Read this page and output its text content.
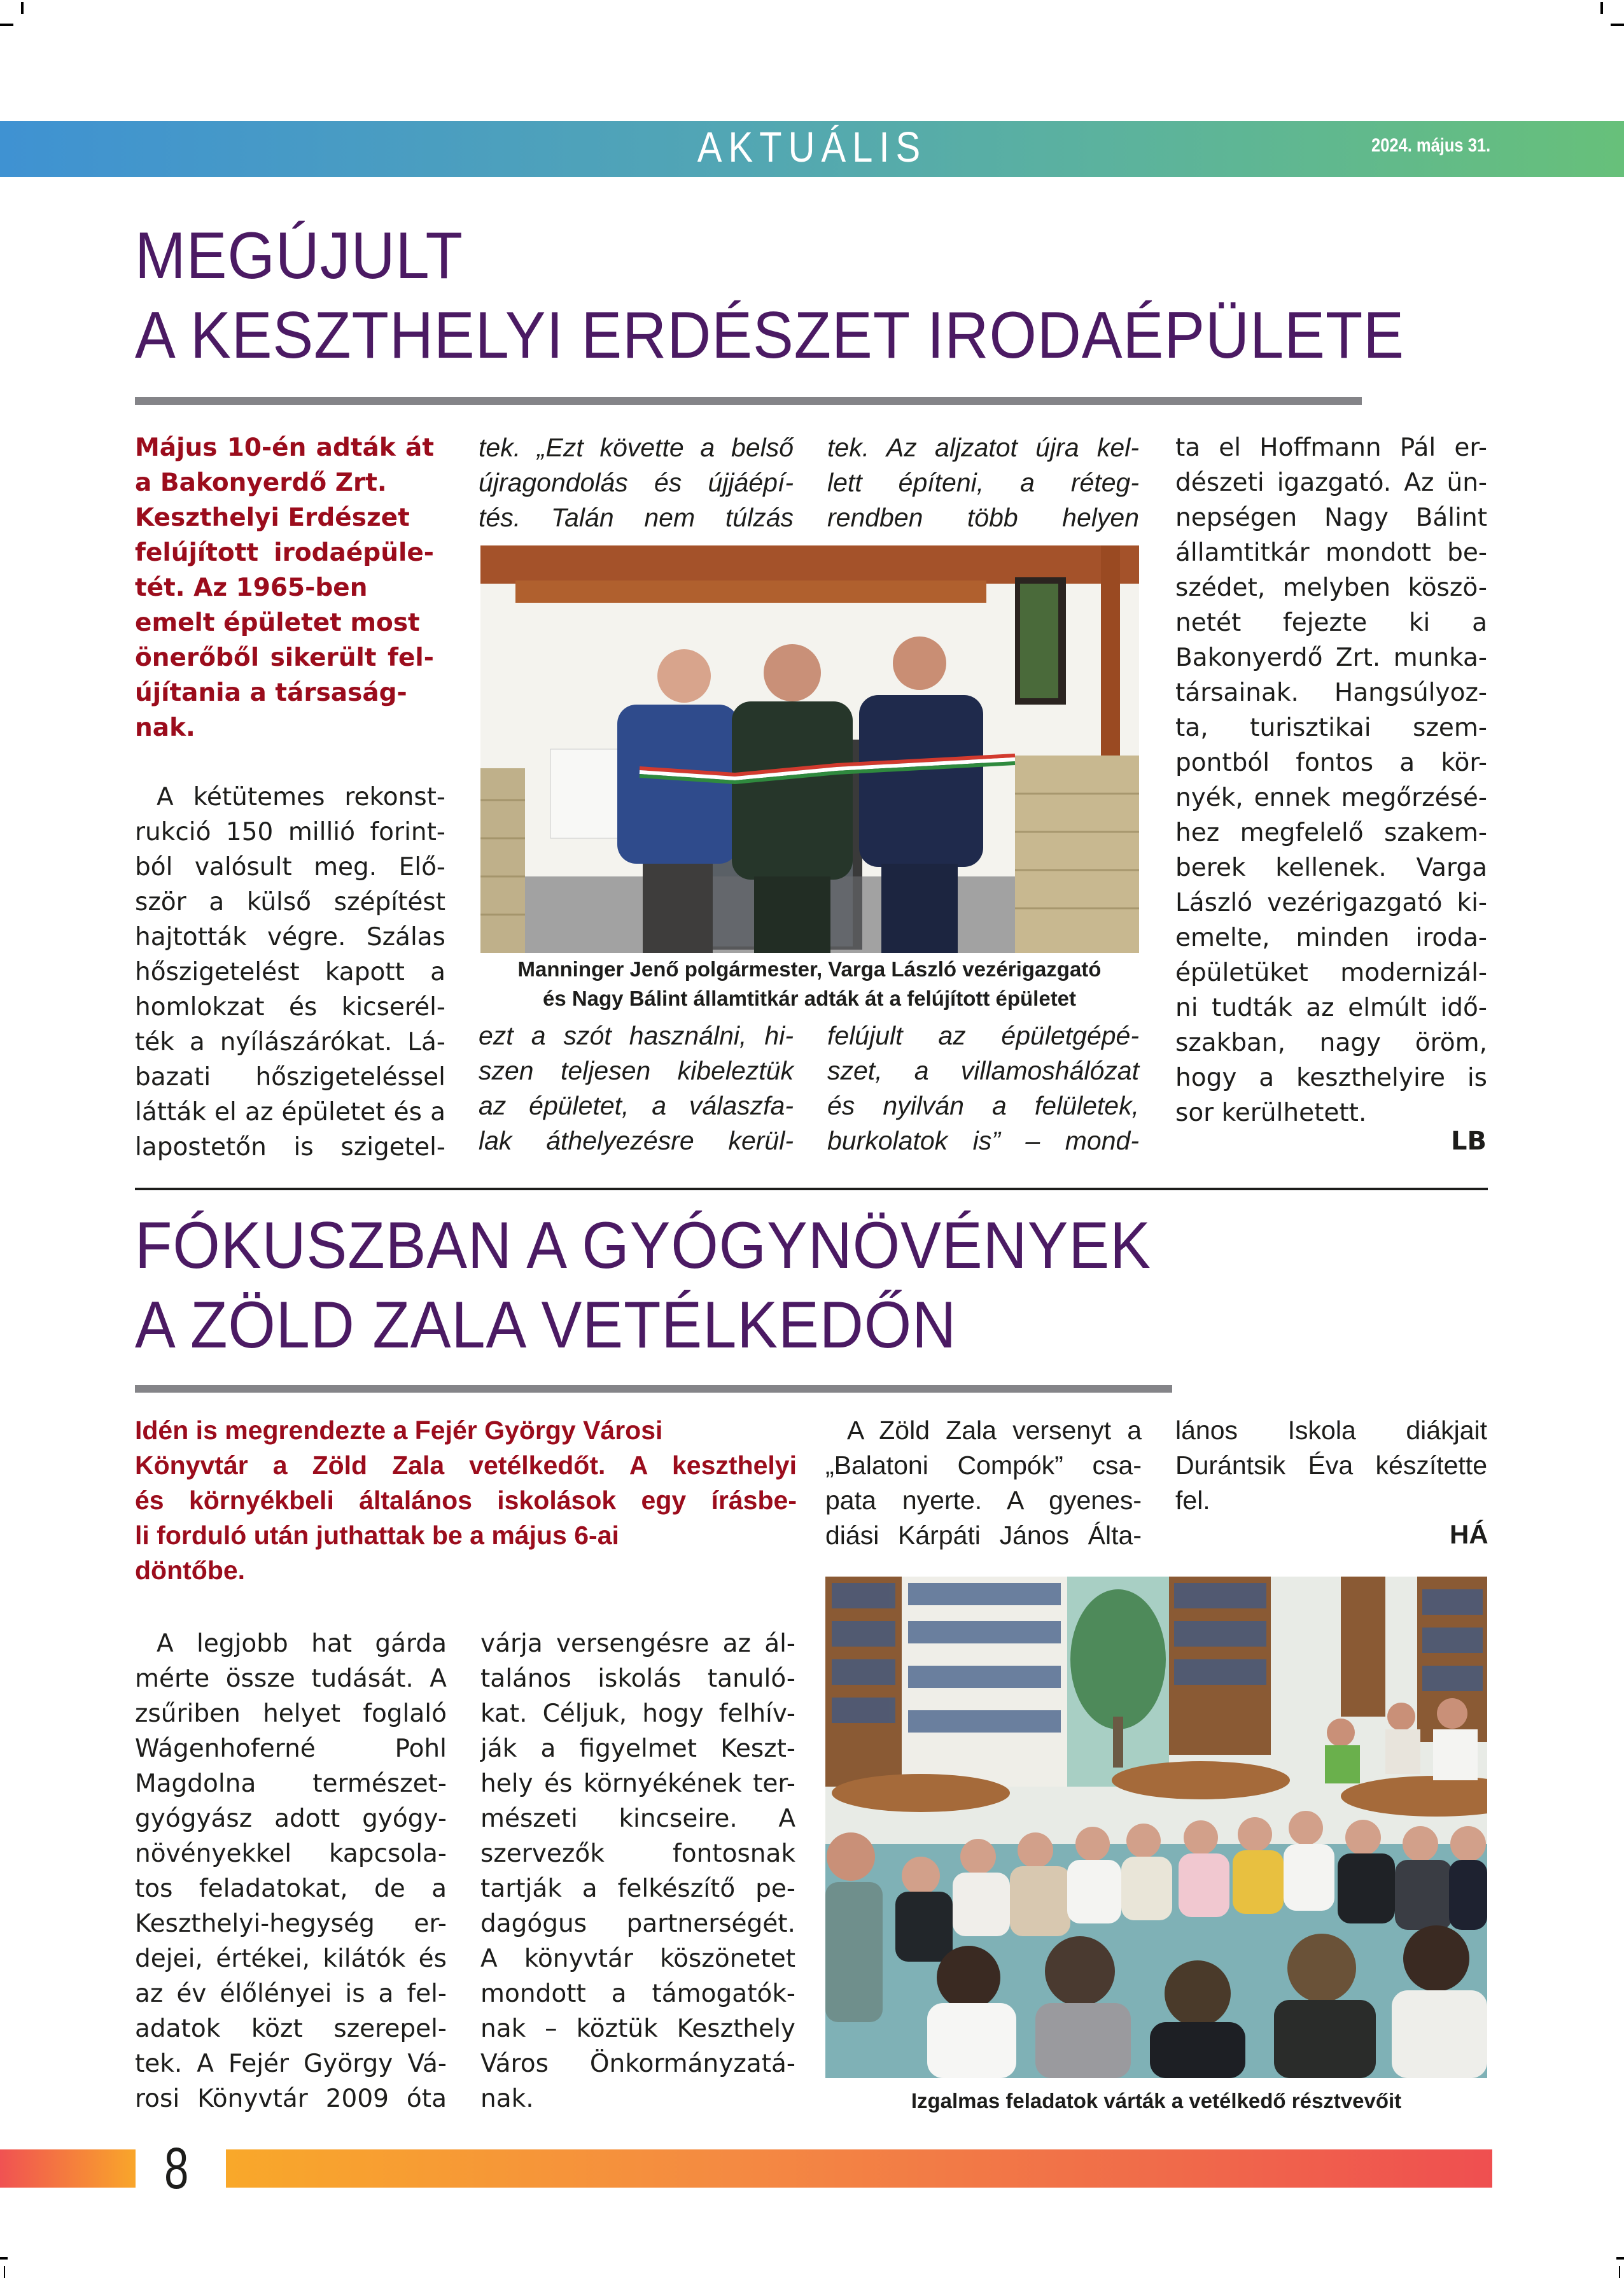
AKTUÁLIS	2024. május 31.
MEGÚJULT
A KESZTHELYI ERDÉSZET IRODAÉPÜLETE
Május 10-én adták át
a Bakonyerdő Zrt.
Keszthelyi Erdészet
felújított irodaépüle-
tét. Az 1965-ben
emelt épületet most
önerőből sikerült fel-
újítania a társaság-
nak.
A kétütemes rekonst-
rukció 150 millió forint-
ból valósult meg. Elő-
ször a külső szépítést
hajtották végre. Szálas
hőszigetelést kapott a
homlokzat és kicserél-
ték a nyílászárókat. Lá-
bazati hőszigeteléssel
látták el az épületet és a
lapostetőn is szigetel-
tek. „Ezt követte a belső
újragondolás és újjáépí-
tés. Talán nem túlzás
tek. Az aljzatot újra kel-
lett építeni, a réteg-
rendben több helyen
Manninger Jenő polgármester, Varga László vezérigazgató
és Nagy Bálint államtitkár adták át a felújított épületet
ezt a szót használni, hi-
szen teljesen kibeleztük
az épületet, a válaszfa-
lak áthelyezésre kerül-
felújult az épületgépé-
szet, a villamoshálózat
és nyilván a felületek,
burkolatok is” – mond-
ta el Hoffmann Pál er-
dészeti igazgató. Az ün-
nepségen Nagy Bálint
államtitkár mondott be-
szédet, melyben köszö-
netét fejezte ki a
Bakonyerdő Zrt. munka-
társainak. Hangsúlyoz-
ta, turisztikai szem-
pontból fontos a kör-
nyék, ennek megőrzésé-
hez megfelelő szakem-
berek kellenek. Varga
László vezérigazgató ki-
emelte, minden iroda-
épületüket modernizál-
ni tudták az elmúlt idő-
szakban, nagy öröm,
hogy a keszthelyire is
sor kerülhetett.
LB
FÓKUSZBAN A GYÓGYNÖVÉNYEK
A ZÖLD ZALA VETÉLKEDŐN
Idén is megrendezte a Fejér György Városi
Könyvtár a Zöld Zala vetélkedőt. A keszthelyi
és környékbeli általános iskolások egy írásbe-
li forduló után juthattak be a május 6-ai
döntőbe.
A legjobb hat gárda
mérte össze tudását. A
zsűriben helyet foglaló
Wágenhoferné Pohl
Magdolna természet-
gyógyász adott gyógy-
növényekkel kapcsola-
tos feladatokat, de a
Keszthelyi-hegység er-
dejei, értékei, kilátók és
az év élőlényei is a fel-
adatok közt szerepel-
tek. A Fejér György Vá-
rosi Könyvtár 2009 óta
várja versengésre az ál-
talános iskolás tanuló-
kat. Céljuk, hogy felhív-
ják a figyelmet Keszt-
hely és környékének ter-
mészeti kincseire. A
szervezők fontosnak
tartják a felkészítő pe-
dagógus partnerségét.
A könyvtár köszönetet
mondott a támogatók-
nak – köztük Keszthely
Város Önkormányzatá-
nak.
A Zöld Zala versenyt a
„Balatoni Compók” csa-
pata nyerte. A gyenes-
diási Kárpáti János Álta-
lános Iskola diákjait
Durántsik Éva készítette
fel.
HÁ
Izgalmas feladatok várták a vetélkedő résztvevőit
8
